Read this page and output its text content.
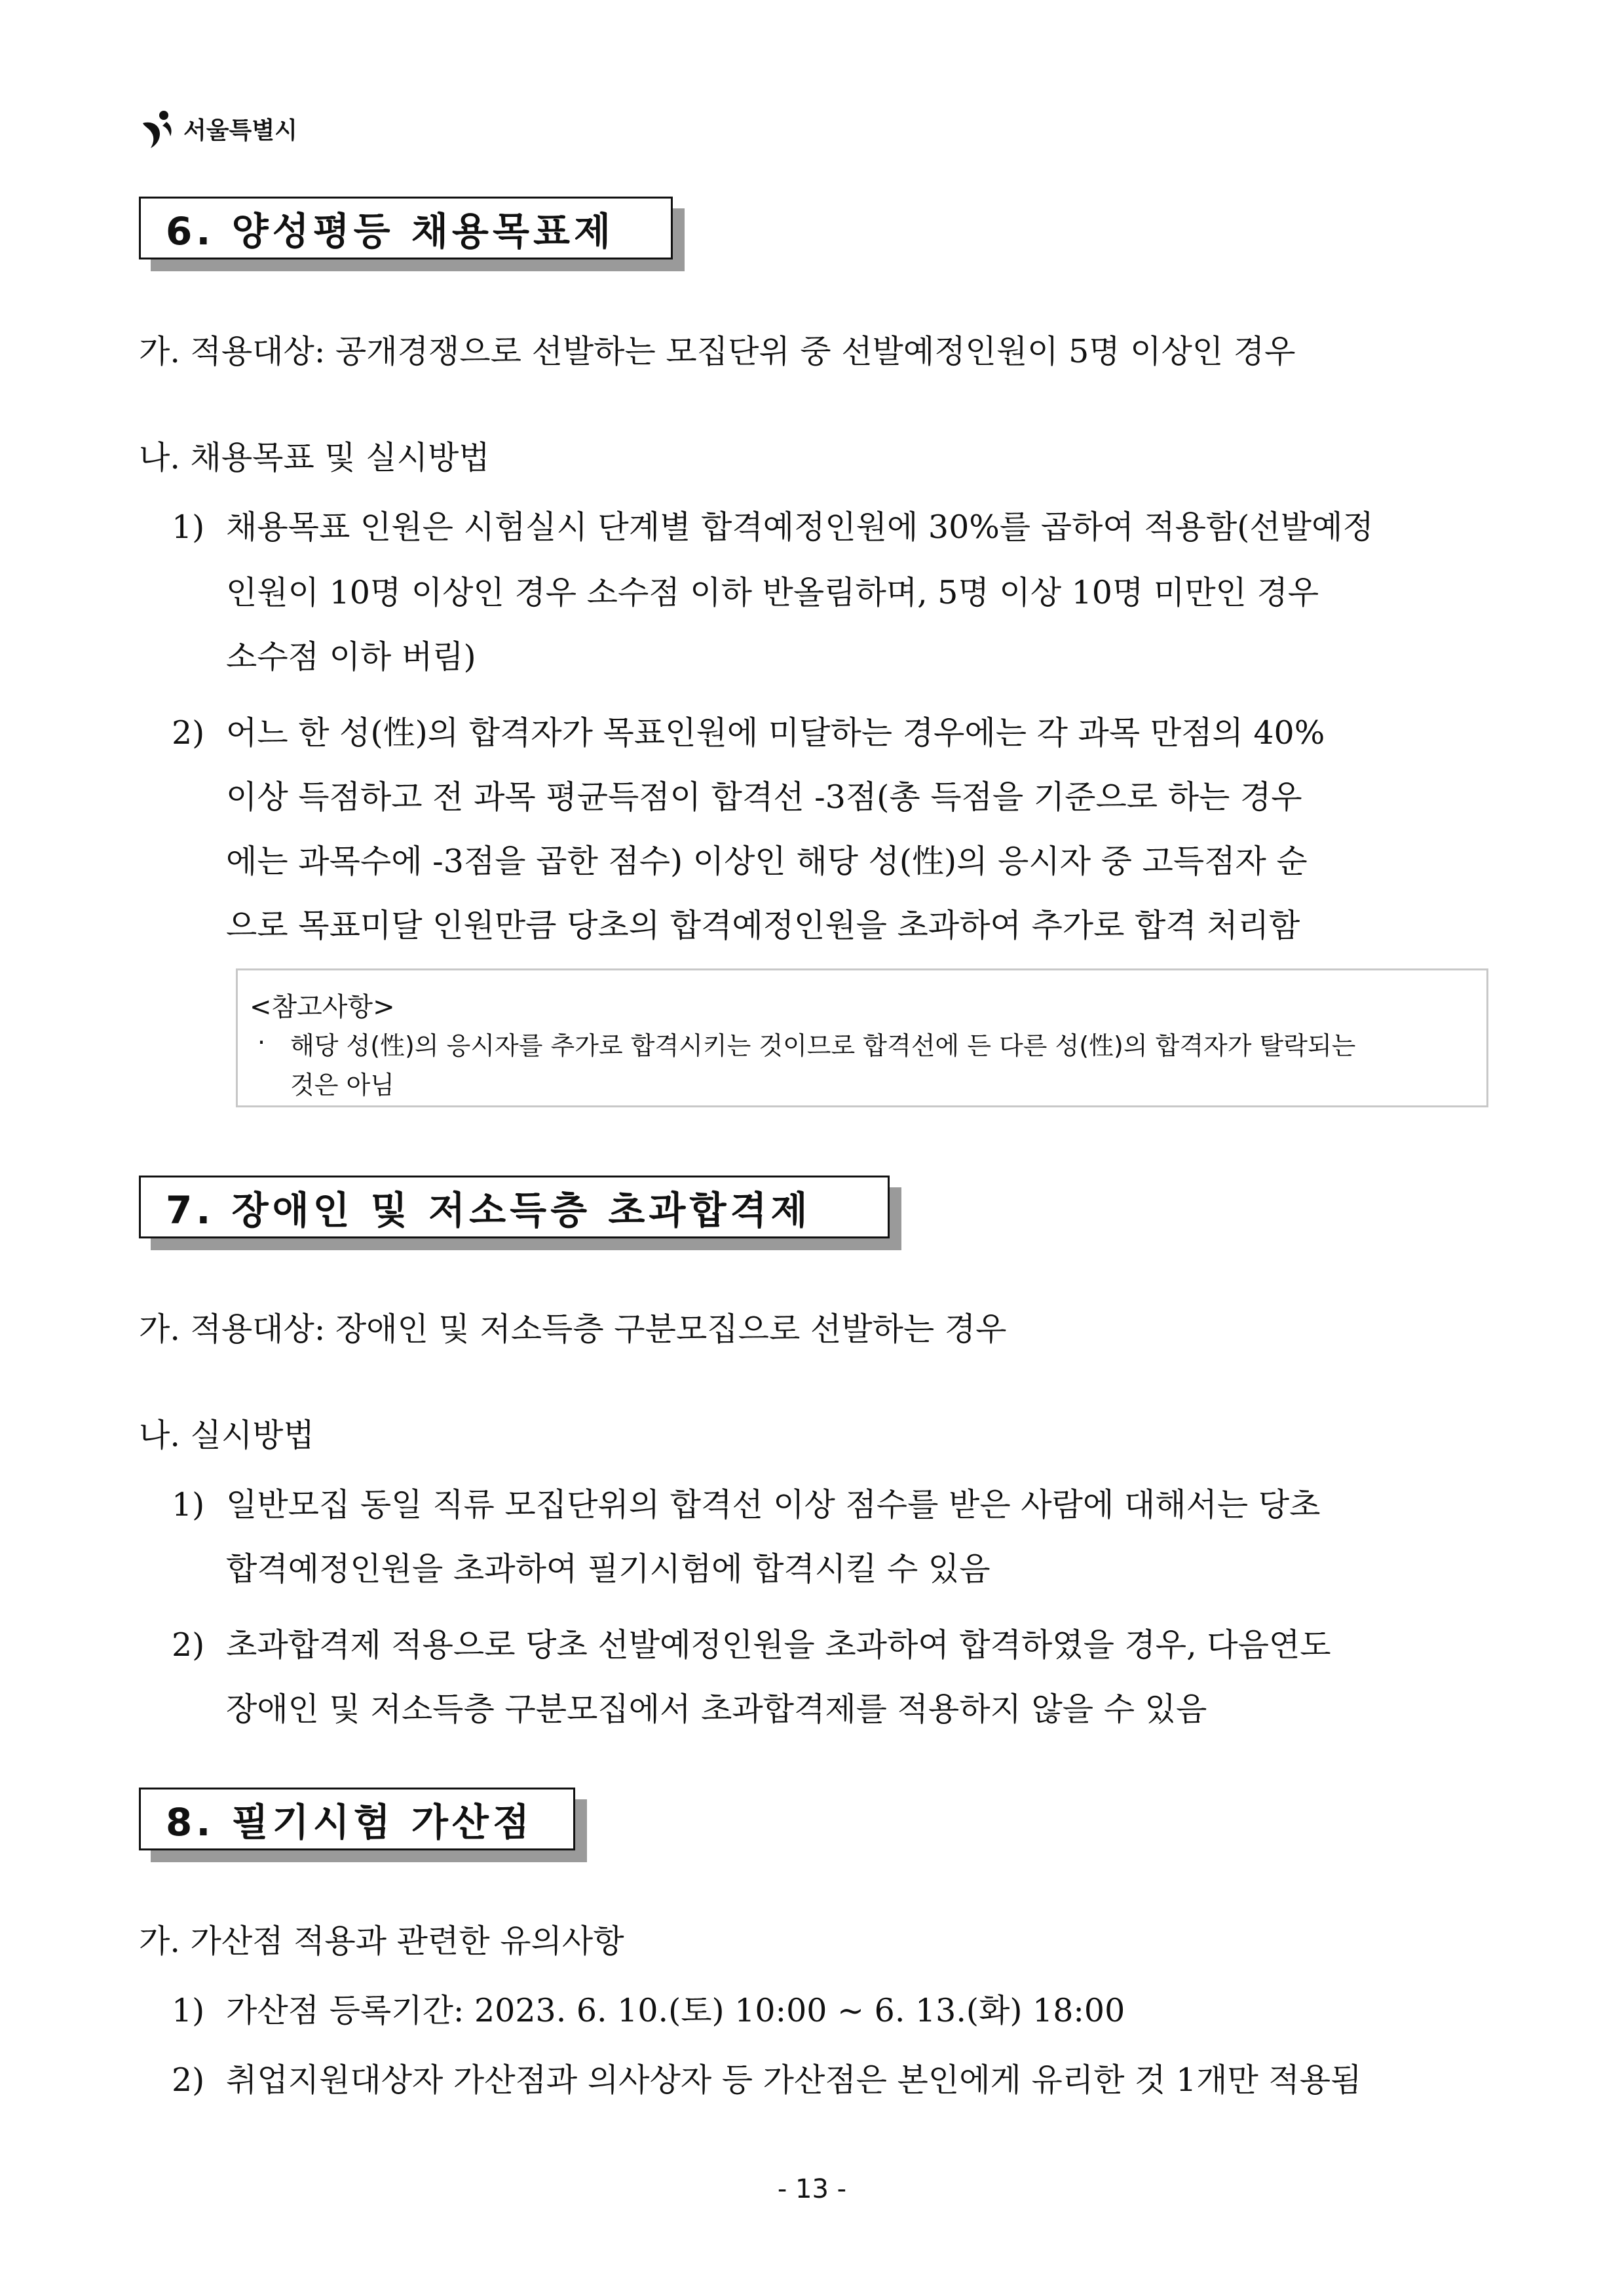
서울특별시
6. 양성평등 채용목표제
가. 적용대상: 공개경쟁으로 선발하는 모집단위 중 선발예정인원이 5명 이상인 경우
나. 채용목표 및 실시방법
1) 채용목표 인원은 시험실시 단계별 합격예정인원에 30%를 곱하여 적용함(선발예정
인원이 10명 이상인 경우 소수점 이하 반올림하며, 5명 이상 10명 미만인 경우
소수점 이하 버림)
2) 어느 한 성(性)의 합격자가 목표인원에 미달하는 경우에는 각 과목 만점의 40%
이상 득점하고 전 과목 평균득점이 합격선 -3점(총 득점을 기준으로 하는 경우
에는 과목수에 -3점을 곱한 점수) 이상인 해당 성(性)의 응시자 중 고득점자 순
으로 목표미달 인원만큼 당초의 합격예정인원을 초과하여 추가로 합격 처리함
<참고사항>
· 해당 성(性)의 응시자를 추가로 합격시키는 것이므로 합격선에 든 다른 성(性)의 합격자가 탈락되는
것은 아님
7. 장애인 및 저소득층 초과합격제
가. 적용대상: 장애인 및 저소득층 구분모집으로 선발하는 경우
나. 실시방법
1) 일반모집 동일 직류 모집단위의 합격선 이상 점수를 받은 사람에 대해서는 당초
합격예정인원을 초과하여 필기시험에 합격시킬 수 있음
2) 초과합격제 적용으로 당초 선발예정인원을 초과하여 합격하였을 경우, 다음연도
장애인 및 저소득층 구분모집에서 초과합격제를 적용하지 않을 수 있음
8. 필기시험 가산점
가. 가산점 적용과 관련한 유의사항
1) 가산점 등록기간: 2023. 6. 10.(토) 10:00 ~ 6. 13.(화) 18:00
2) 취업지원대상자 가산점과 의사상자 등 가산점은 본인에게 유리한 것 1개만 적용됨
- 13 -
